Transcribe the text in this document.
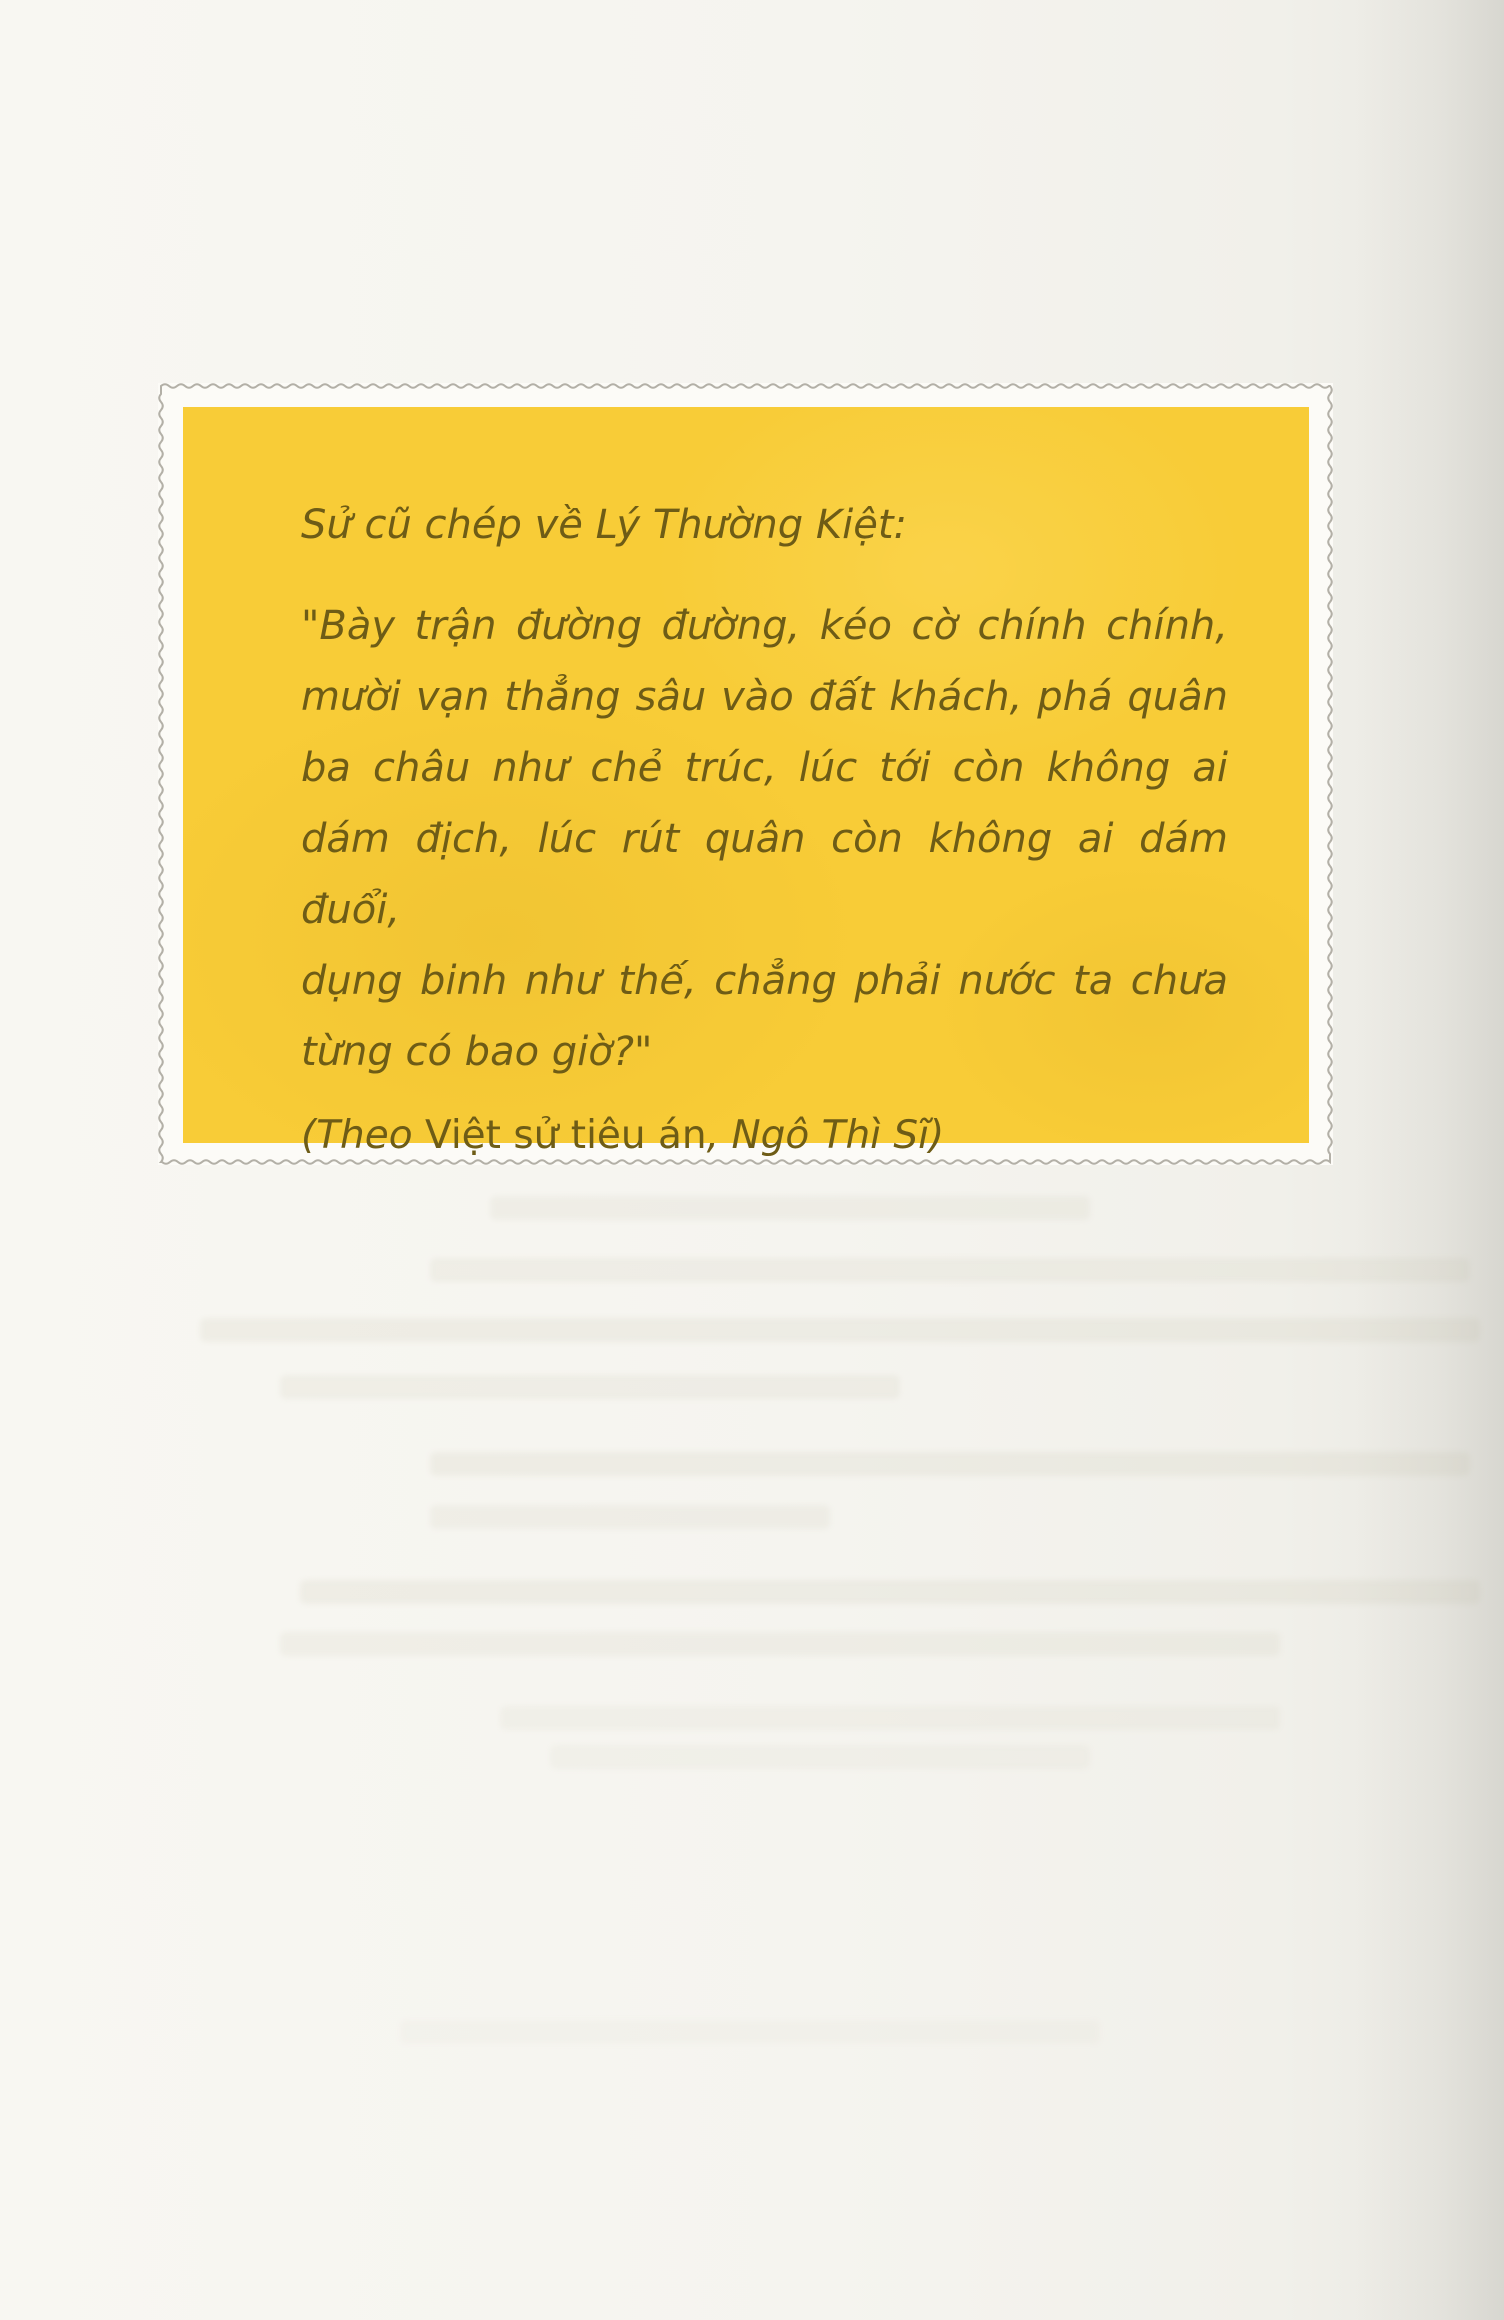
Sử cũ chép về Lý Thường Kiệt:

"Bày trận đường đường, kéo cờ chính chính,
mười vạn thẳng sâu vào đất khách, phá quân
ba châu như chẻ trúc, lúc tới còn không ai
dám địch, lúc rút quân còn không ai dám đuổi,
dụng binh như thế, chẳng phải nước ta chưa
từng có bao giờ?"

(Theo Việt sử tiêu án, Ngô Thì Sĩ)
